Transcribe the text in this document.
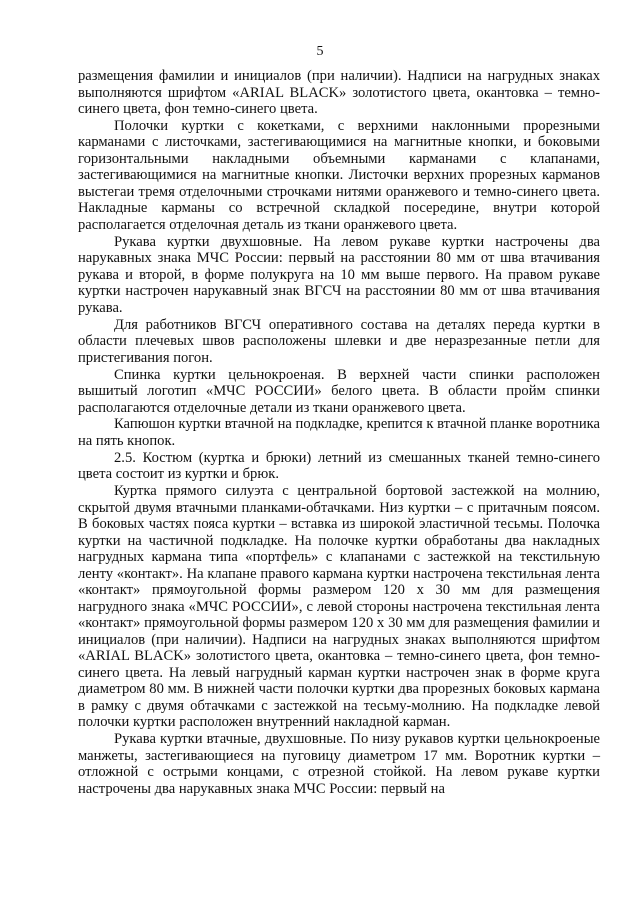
5

размещения фамилии и инициалов (при наличии). Надписи на нагрудных знаках выполняются шрифтом «ARIAL BLACK» золотистого цвета, окантовка – темно-синего цвета, фон темно-синего цвета.

Полочки куртки с кокетками, с верхними наклонными прорезными карманами с листочками, застегивающимися на магнитные кнопки, и боковыми горизонтальными накладными объемными карманами с клапанами, застегивающимися на магнитные кнопки. Листочки верхних прорезных карманов выстегаи тремя отделочными строчками нитями оранжевого и темно-синего цвета. Накладные карманы со встречной складкой посередине, внутри которой располагается отделочная деталь из ткани оранжевого цвета.

Рукава куртки двухшовные. На левом рукаве куртки настрочены два нарукавных знака МЧС России: первый на расстоянии 80 мм от шва втачивания рукава и второй, в форме полукруга на 10 мм выше первого. На правом рукаве куртки настрочен нарукавный знак ВГСЧ на расстоянии 80 мм от шва втачивания рукава.

Для работников ВГСЧ оперативного состава на деталях переда куртки в области плечевых швов расположены шлевки и две неразрезанные петли для пристегивания погон.

Спинка куртки цельнокроеная. В верхней части спинки расположен вышитый логотип «МЧС РОССИИ» белого цвета. В области пройм спинки располагаются отделочные детали из ткани оранжевого цвета.

Капюшон куртки втачной на подкладке, крепится к втачной планке воротника на пять кнопок.

2.5. Костюм (куртка и брюки) летний из смешанных тканей темно-синего цвета состоит из куртки и брюк.

Куртка прямого силуэта с центральной бортовой застежкой на молнию, скрытой двумя втачными планками-обтачками. Низ куртки – с притачным поясом. В боковых частях пояса куртки – вставка из широкой эластичной тесьмы. Полочка куртки на частичной подкладке. На полочке куртки обработаны два накладных нагрудных кармана типа «портфель» с клапанами с застежкой на текстильную ленту «контакт». На клапане правого кармана куртки настрочена текстильная лента «контакт» прямоугольной формы размером 120 х 30 мм для размещения нагрудного знака «МЧС РОССИИ», с левой стороны настрочена текстильная лента «контакт» прямоугольной формы размером 120 х 30 мм для размещения фамилии и инициалов (при наличии). Надписи на нагрудных знаках выполняются шрифтом «ARIAL BLACK» золотистого цвета, окантовка – темно-синего цвета, фон темно-синего цвета. На левый нагрудный карман куртки настрочен знак в форме круга диаметром 80 мм. В нижней части полочки куртки два прорезных боковых кармана в рамку с двумя обтачками с застежкой на тесьму-молнию. На подкладке левой полочки куртки расположен внутренний накладной карман.

Рукава куртки втачные, двухшовные. По низу рукавов куртки цельнокроеные манжеты, застегивающиеся на пуговицу диаметром 17 мм. Воротник куртки – отложной с острыми концами, с отрезной стойкой. На левом рукаве куртки настрочены два нарукавных знака МЧС России: первый на
